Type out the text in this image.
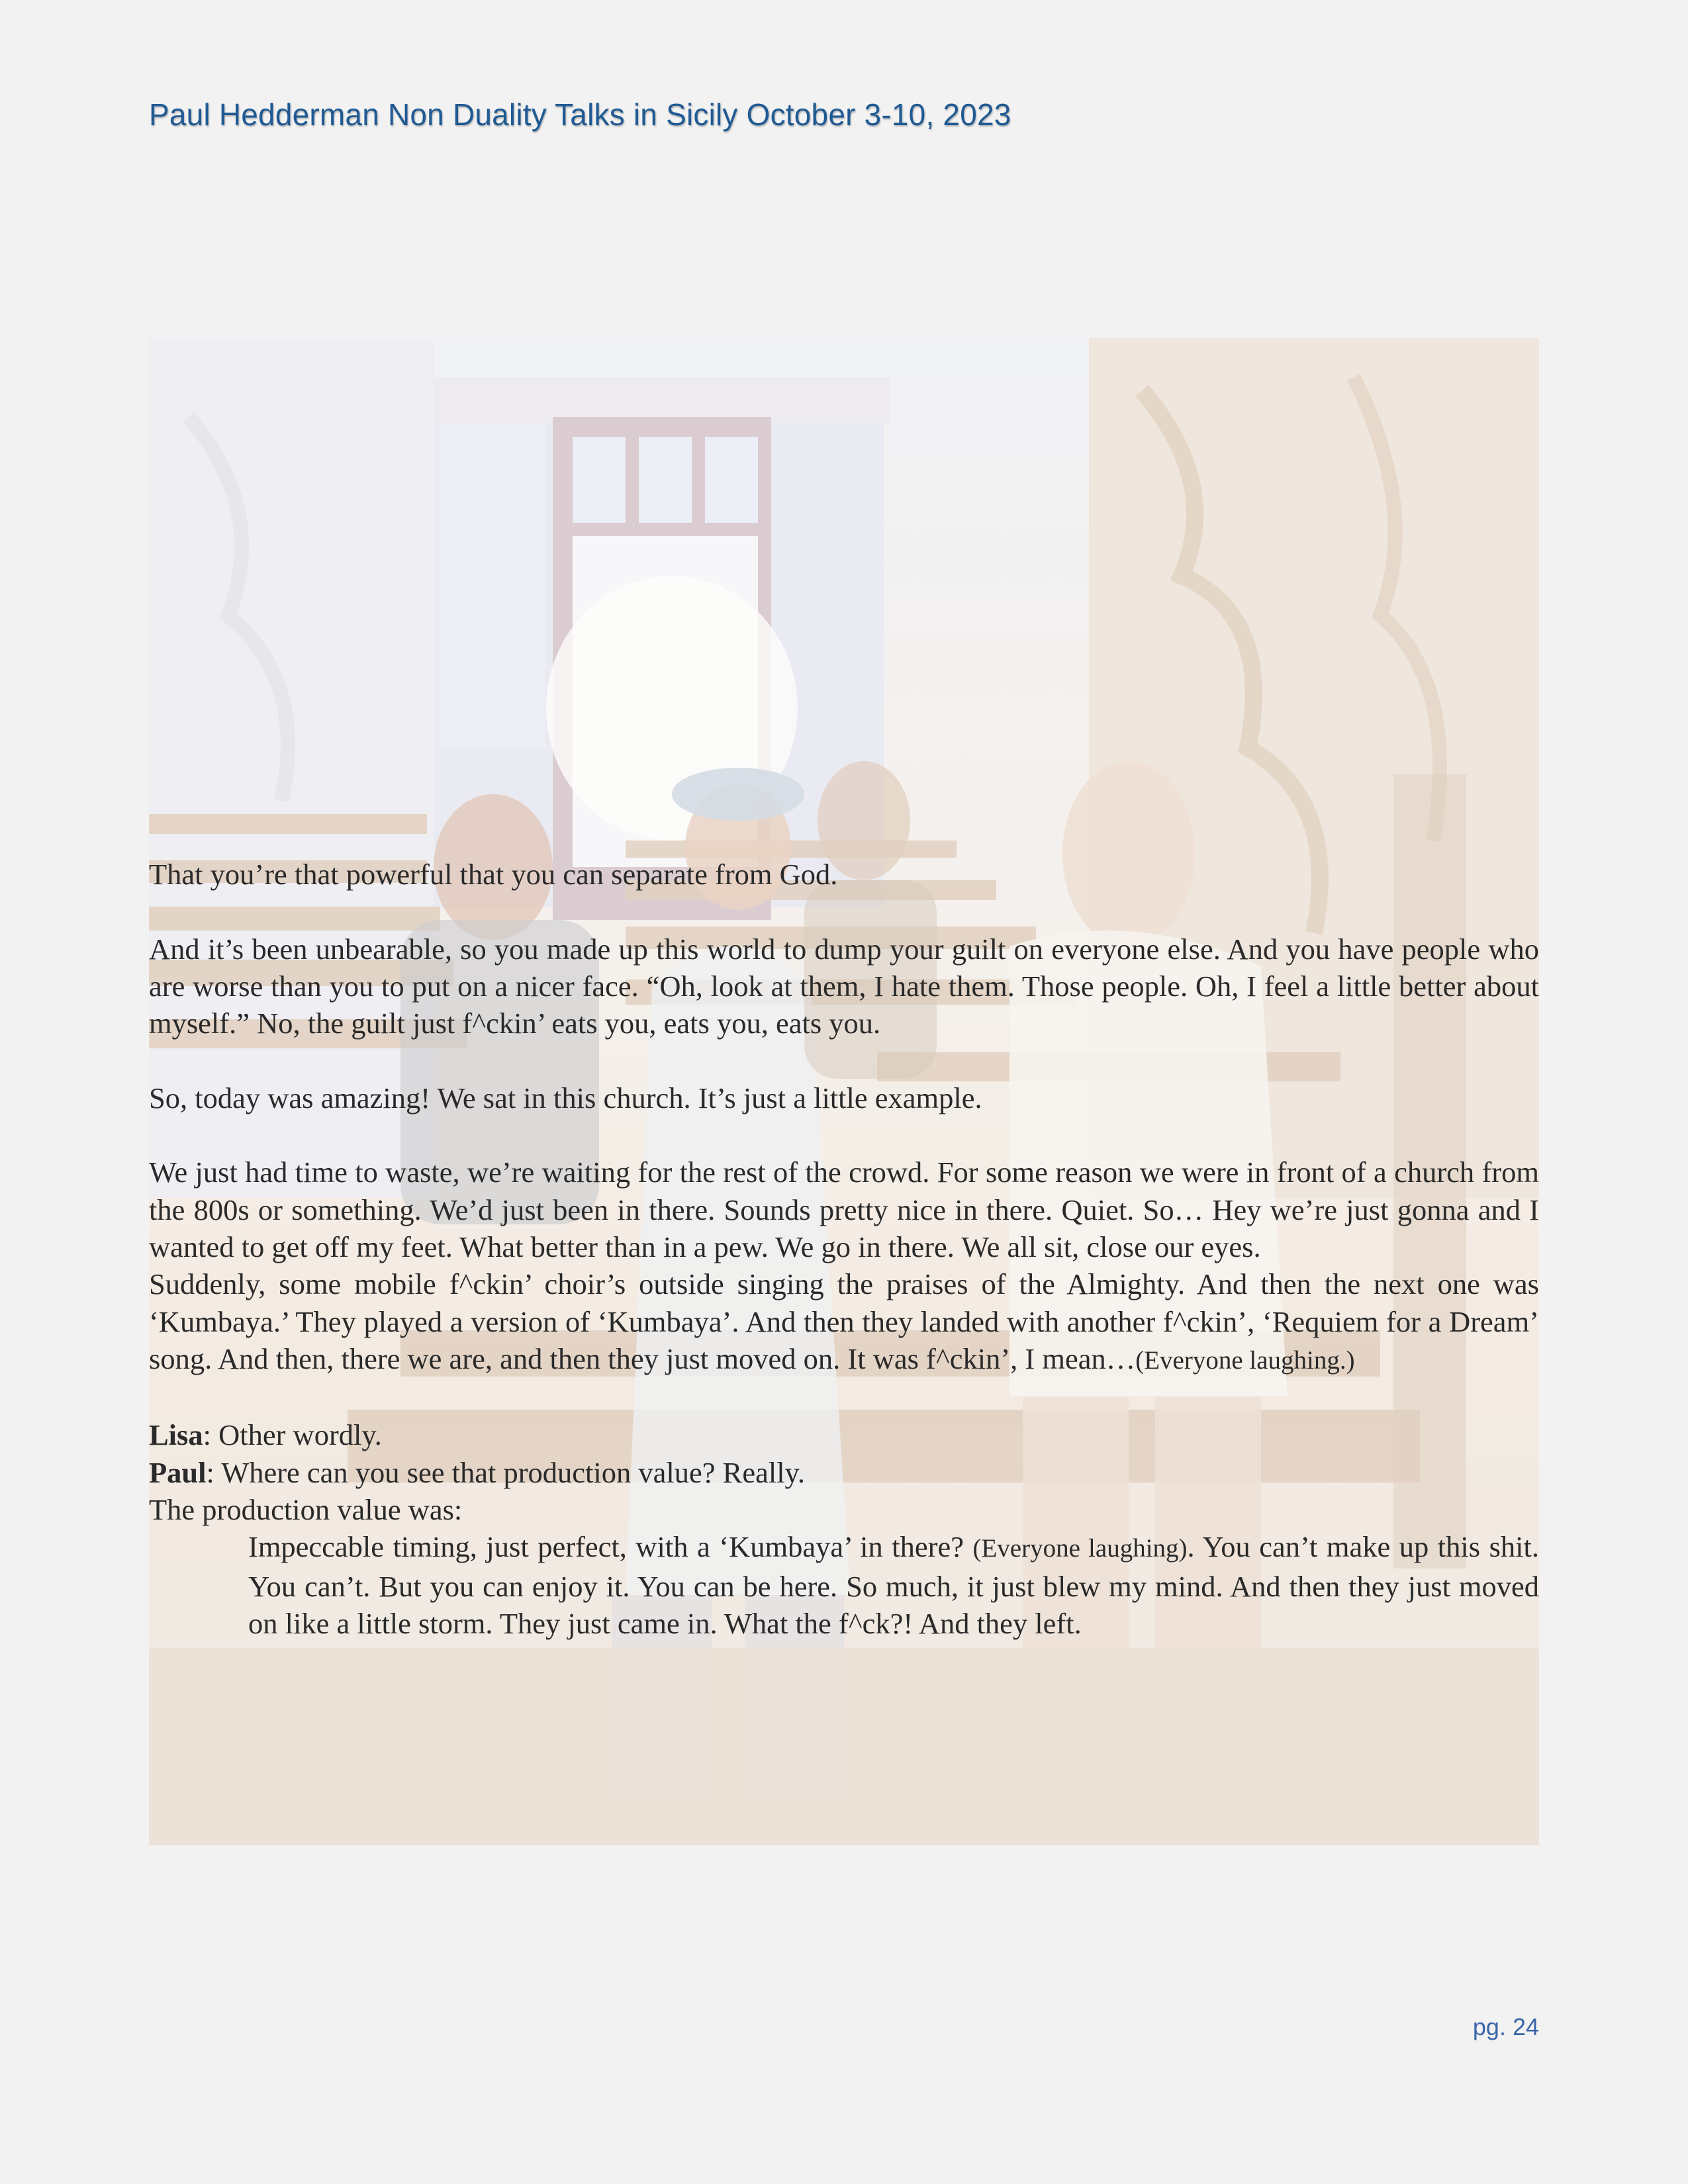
Paul Hedderman Non Duality Talks in Sicily October 3-10, 2023

That you’re that powerful that you can separate from God.

And it’s been unbearable, so you made up this world to dump your guilt on everyone else. And you have people who are worse than you to put on a nicer face. “Oh, look at them, I hate them. Those people. Oh, I feel a little better about myself.” No, the guilt just f^ckin’ eats you, eats you, eats you.

So, today was amazing! We sat in this church. It’s just a little example.

We just had time to waste, we’re waiting for the rest of the crowd. For some reason we were in front of a church from the 800s or something. We’d just been in there. Sounds pretty nice in there. Quiet. So… Hey we’re just gonna and I wanted to get off my feet. What better than in a pew. We go in there. We all sit, close our eyes.

Suddenly, some mobile f^ckin’ choir’s outside singing the praises of the Almighty. And then the next one was ‘Kumbaya.’ They played a version of ‘Kumbaya’. And then they landed with another f^ckin’, ‘Requiem for a Dream’ song. And then, there we are, and then they just moved on. It was f^ckin’, I mean…(Everyone laughing.)

Lisa: Other wordly.

Paul: Where can you see that production value? Really.

The production value was:

Impeccable timing, just perfect, with a ‘Kumbaya’ in there? (Everyone laughing). You can’t make up this shit. You can’t. But you can enjoy it. You can be here. So much, it just blew my mind. And then they just moved on like a little storm. They just came in. What the f^ck?! And they left.

pg. 24
